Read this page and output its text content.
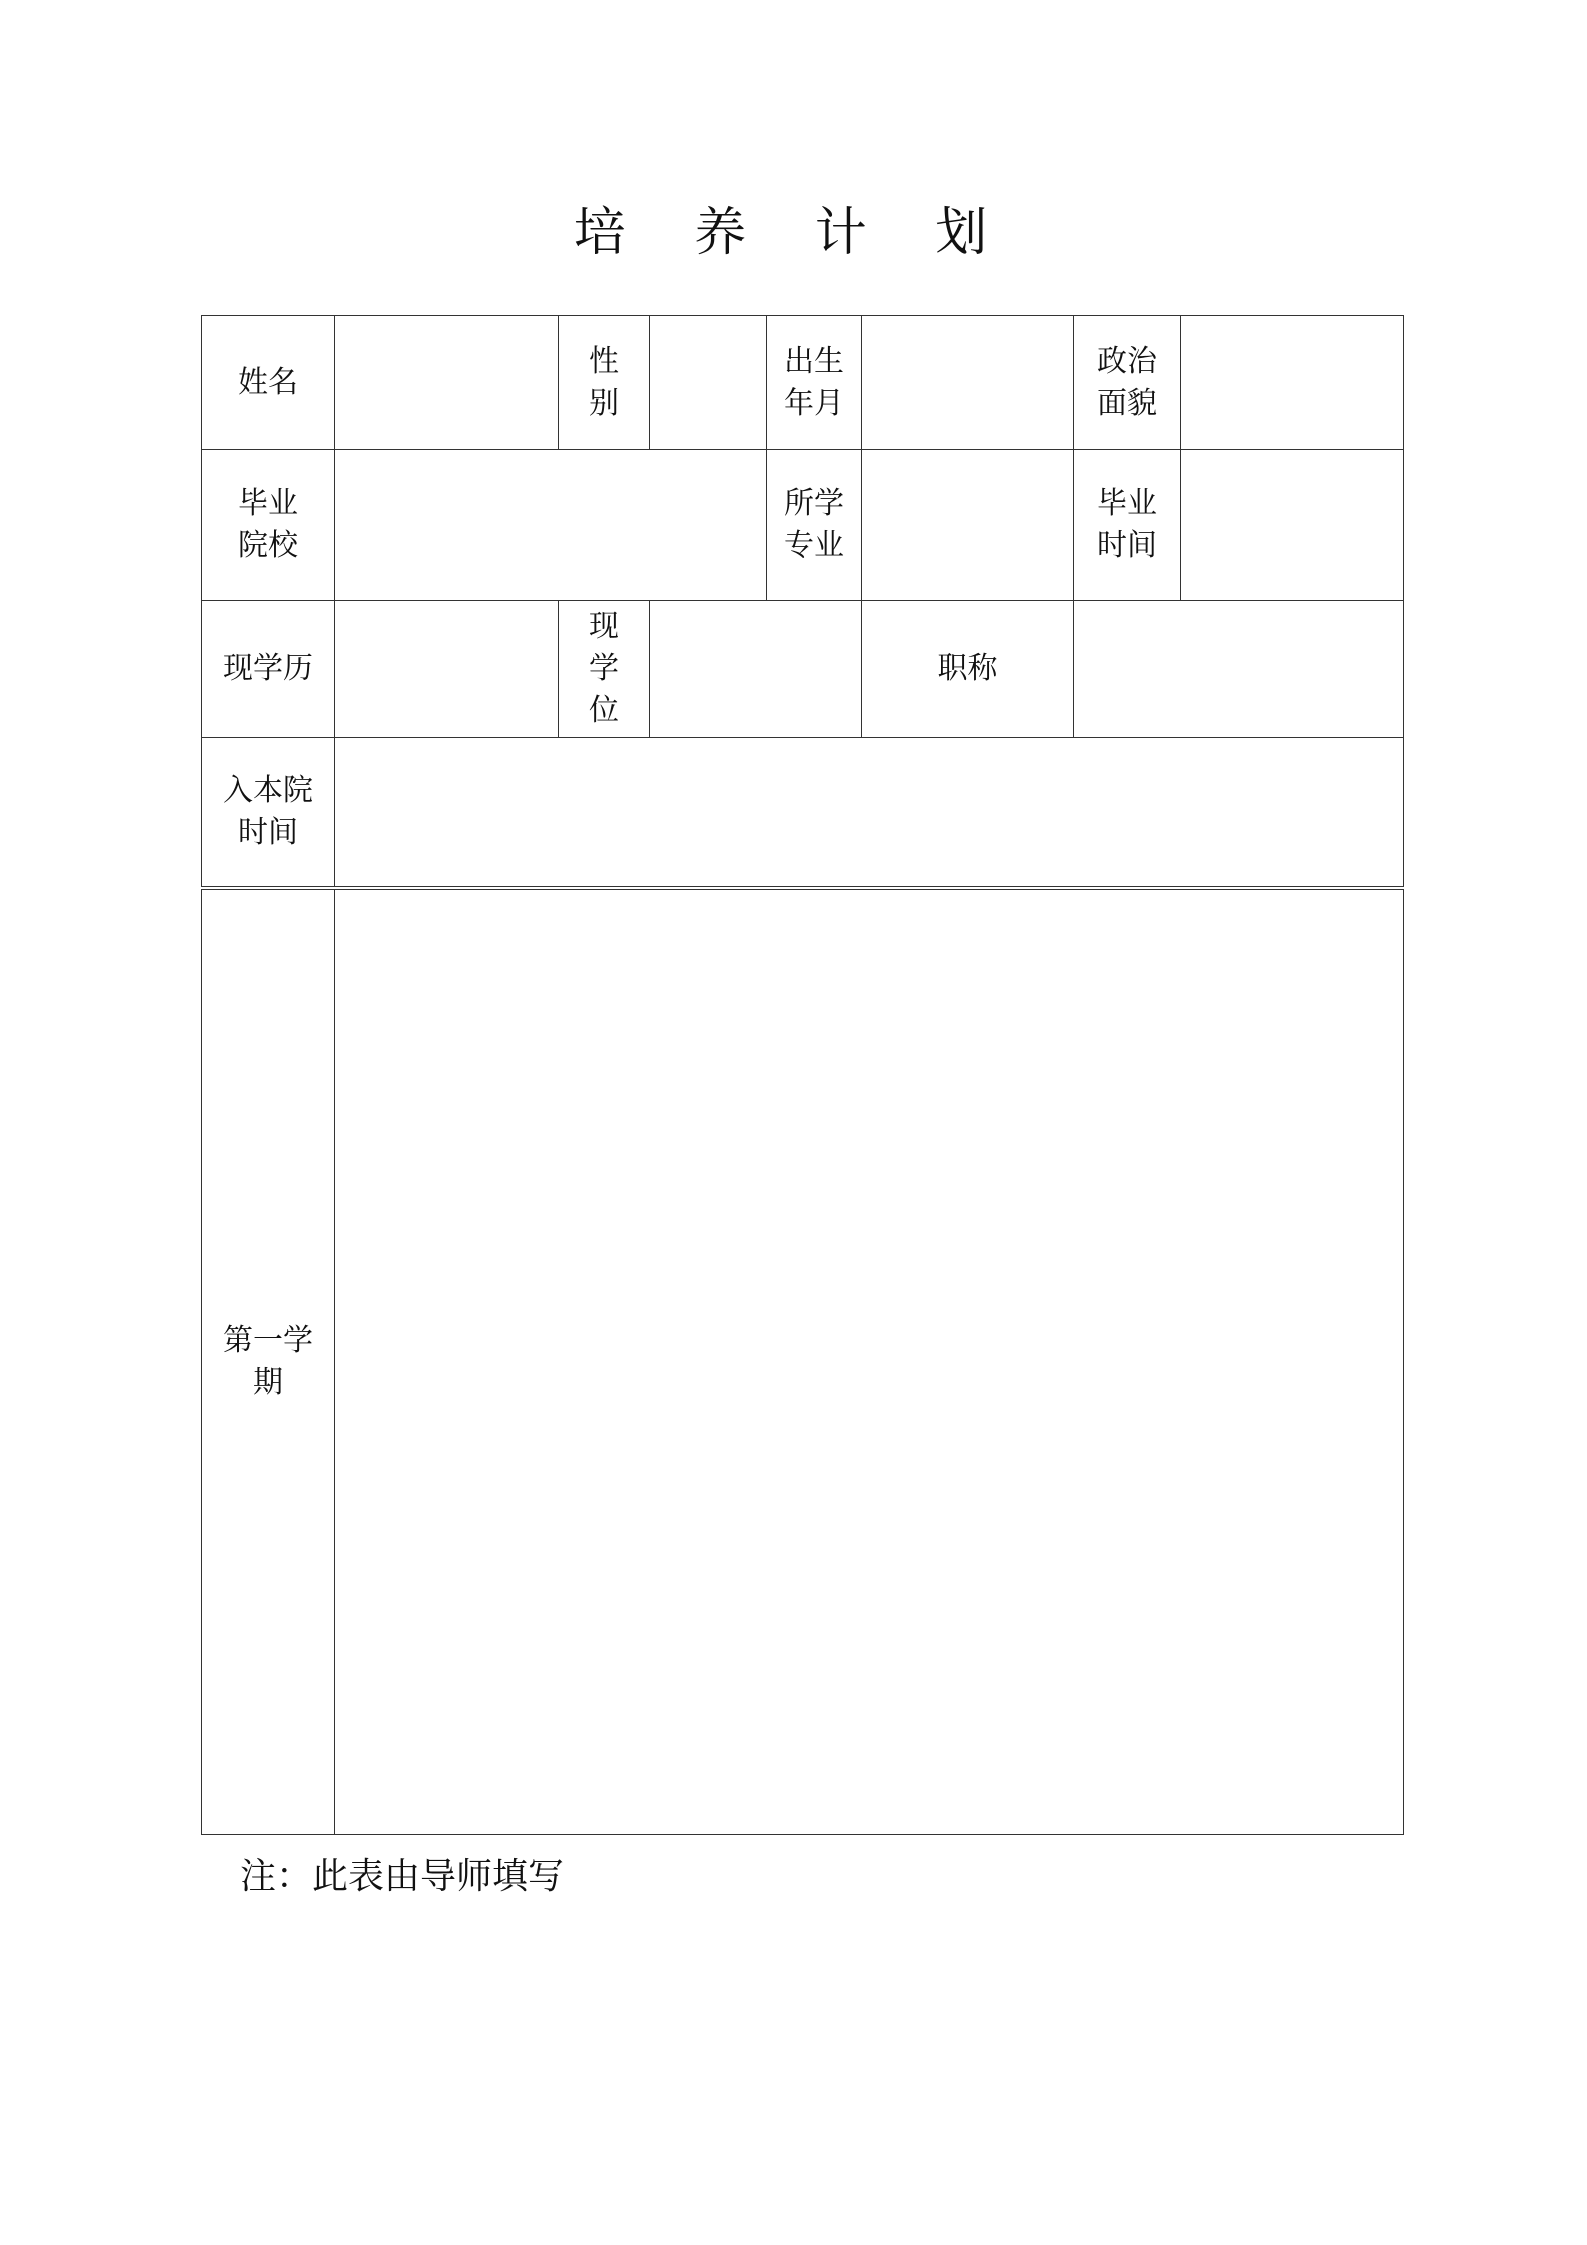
培 养 计 划
姓名		性别		出生年月		政治面貌	
毕业院校				所学专业		毕业时间	
现学历		现学位			职称		
入本院时间							
第一学期							
注：此表由导师填写
